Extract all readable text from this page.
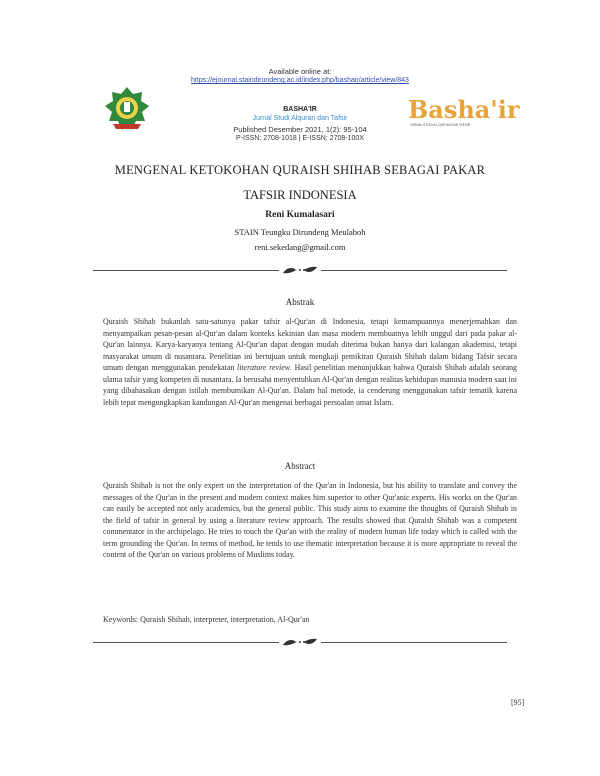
Available online at:
https://ejournal.staindirundeng.ac.id/index.php/bashair/article/view/843
BASHA'IR
Jurnal Studi Alquran dan Tafsir
Published Desember 2021, 1(2): 95-104
P-ISSN: 2708-1018 | E-ISSN: 2708-100X
Basha'ir
JURNAL STUDI AL-QUR'AN DAN TAFSIR
MENGENAL KETOKOHAN QURAISH SHIHAB SEBAGAI PAKAR
TAFSIR INDONESIA
Reni Kumalasari
STAIN Teungku Dirundeng Meulaboh
reni.sekedang@gmail.com
Abstrak
Quraish Shihab bukanlah satu-satunya pakar tafsir al-Qur'an di Indonesia, tetapi kemampuannya menerjemahkan dan menyampaikan pesan-pesan al-Qur'an dalam konteks kekinian dan masa modern membuatnya lebih unggul dari pada pakar al-Qur'an lainnya. Karya-karyanya tentang Al-Qur'an dapat dengan mudah diterima bukan hanya dari kalangan akademisi, tetapi masyarakat umum di nusantara. Penelitian ini bertujuan untuk mengkaji pemikiran Quraish Shihab dalam bidang Tafsir secara umum dengan menggunakan pendekatan literature review. Hasil penelitian menunjukkan bahwa Quraish Shihab adalah seorang ulama tafsir yang kompeten di nusantara. Ia berusaha menyentuhkan Al-Qur'an dengan realitas kehidupan manusia modern saat ini yang dibahasakan dengan istilah membumikan Al-Qur'an. Dalam hal metode, ia cenderung menggunakan tafsir tematik karena lebih tepat mengungkapkan kandungan Al-Qur'an mengenai berbagai persoalan umat Islam.
Abstract
Quraish Shihab is not the only expert on the interpretation of the Qur'an in Indonesia, but his ability to translate and convey the messages of the Qur'an in the present and modern context makes him superior to other Qur'anic experts. His works on the Qur'an can easily be accepted not only academics, but the general public. This study aims to examine the thoughts of Quraish Shihab in the field of tafsir in general by using a literature review approach. The results showed that Quraish Shihab was a competent commentator in the archipelago. He tries to touch the Qur'an with the reality of modern human life today which is called with the term grounding the Qur'an. In terms of method, he tends to use thematic interpretation because it is more appropriate to reveal the content of the Qur'an on various problems of Muslims today.
Keywords: Quraish Shihab, interpreter, interpretation, Al-Qur'an
[95]
